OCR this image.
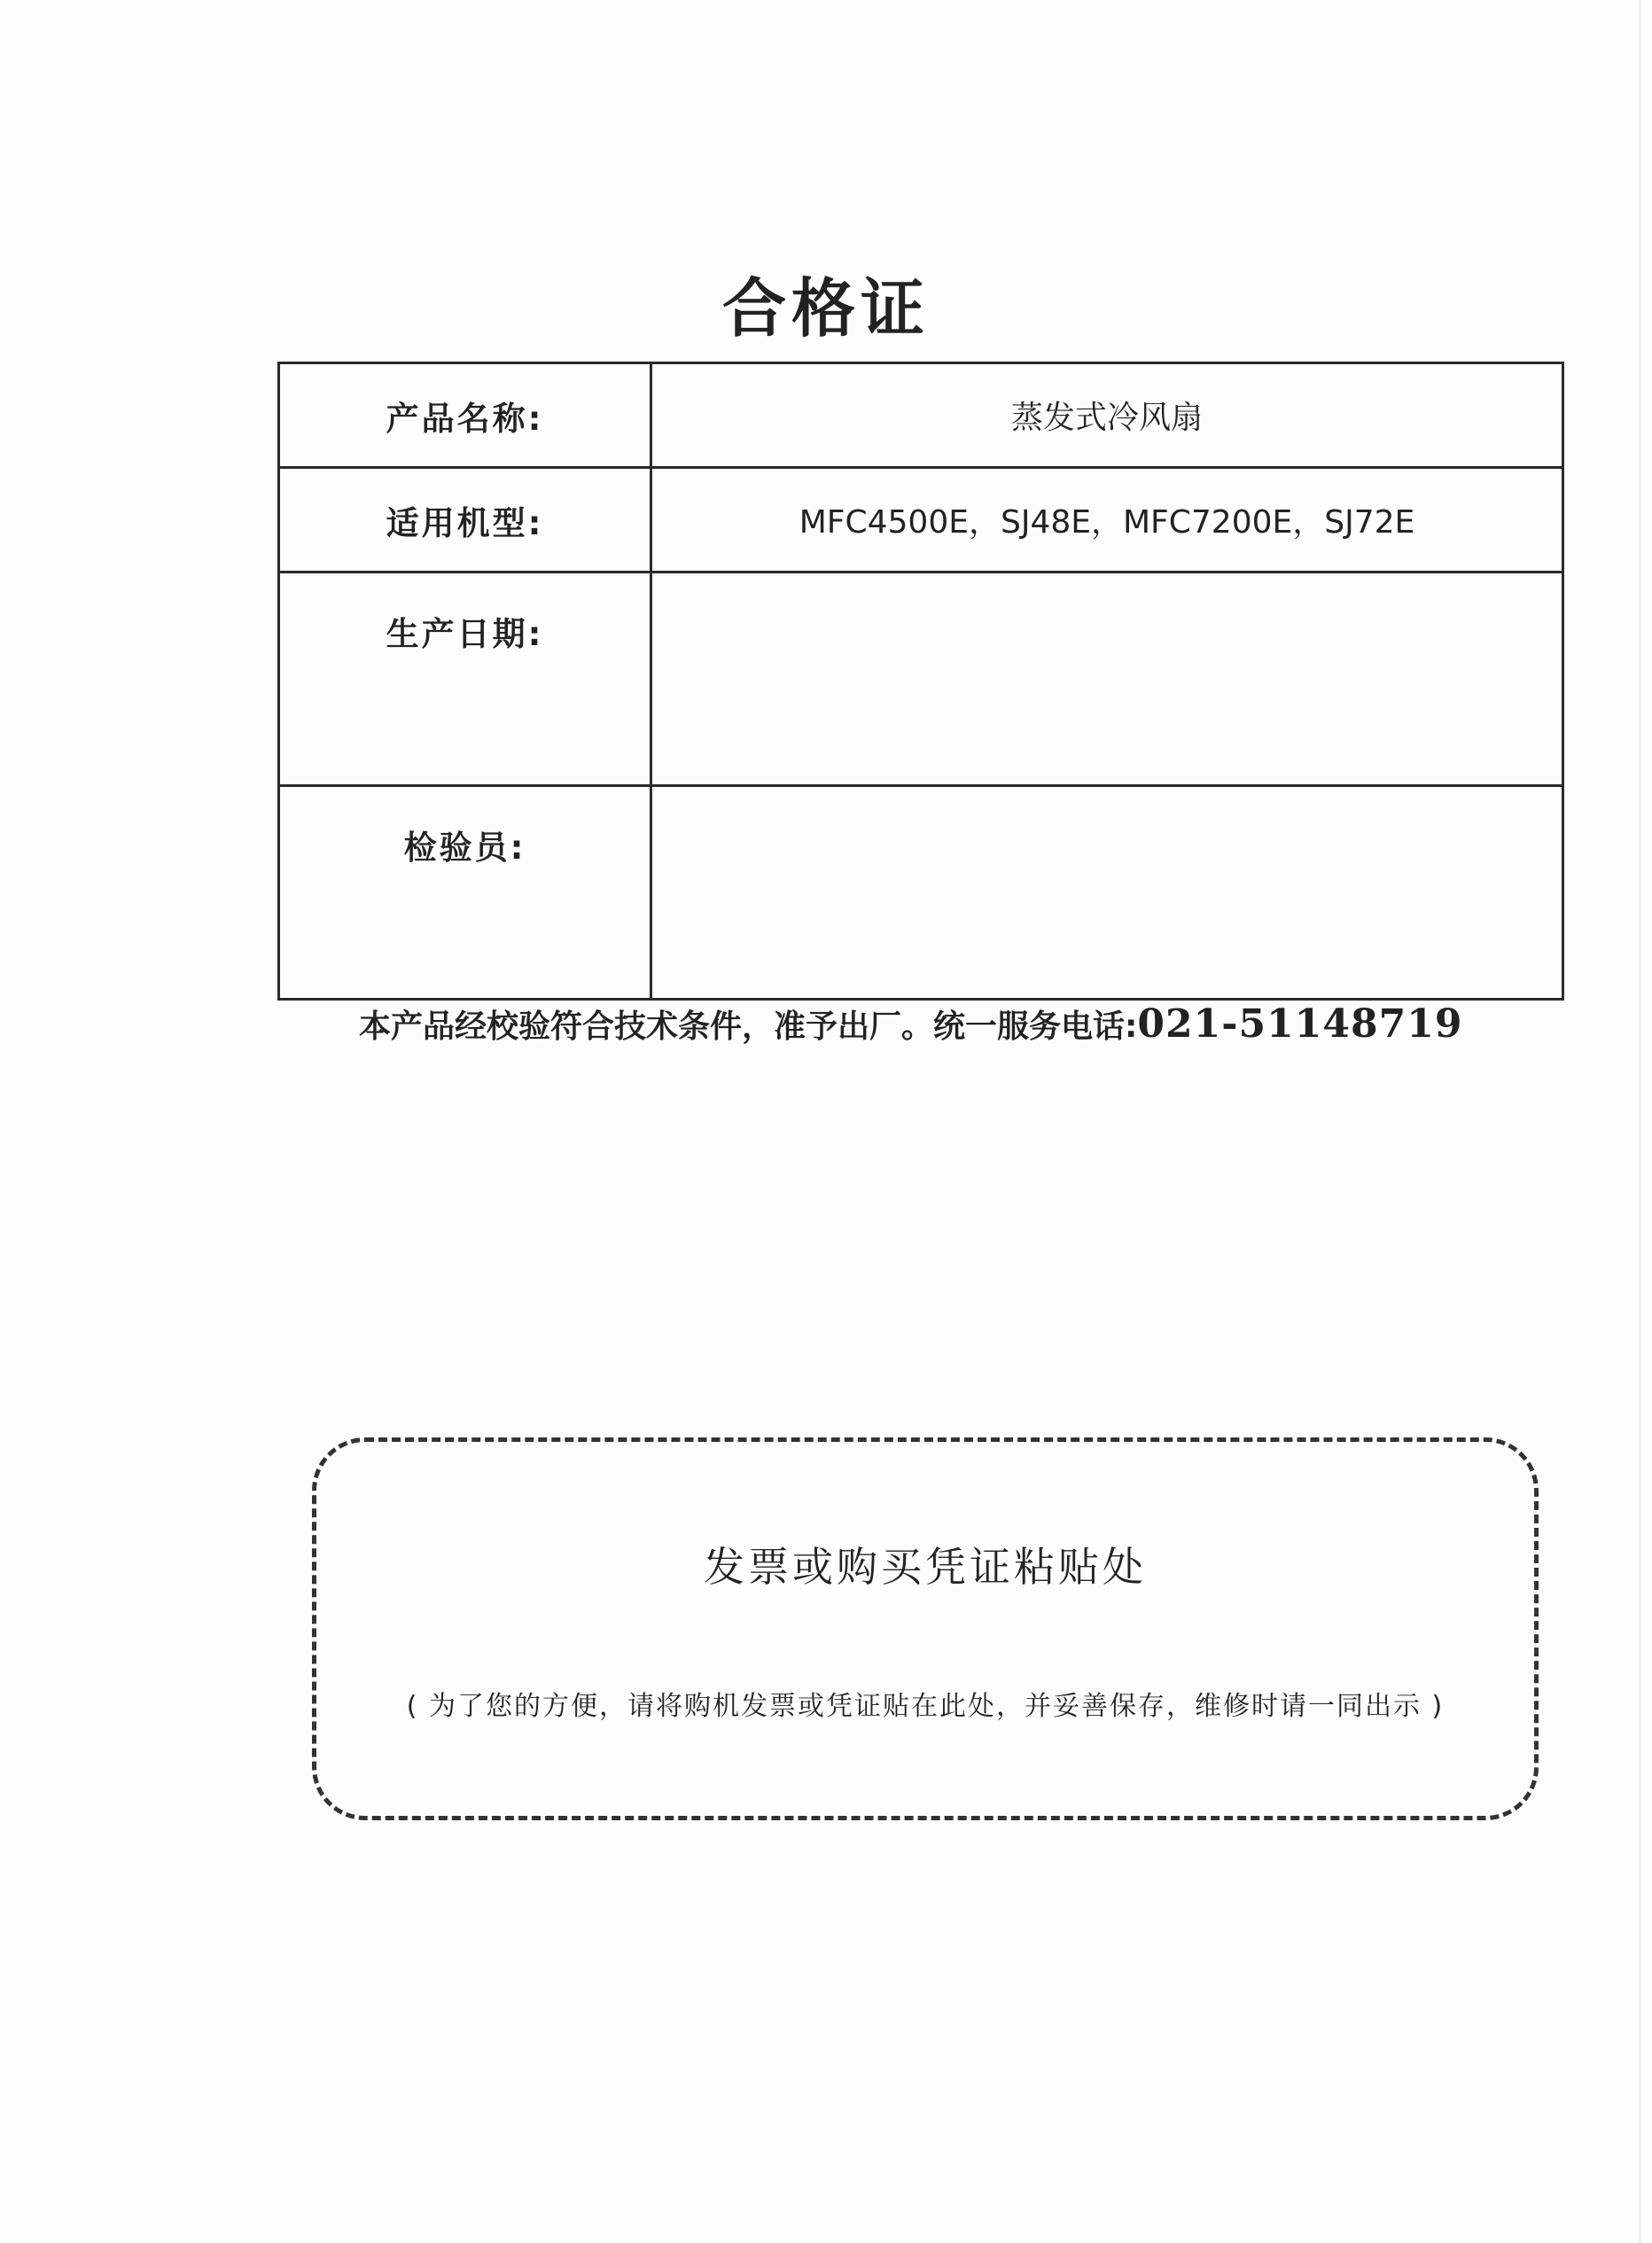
合格证
产品名称:	蒸发式冷风扇
适用机型:	MFC4500E，SJ48E，MFC7200E，SJ72E
生产日期:	
检验员:	
本产品经校验符合技术条件，准予出厂。统一服务电话:021-51148719
发票或购买凭证粘贴处
( 为了您的方便，请将购机发票或凭证贴在此处，并妥善保存，维修时请一同出示 )
